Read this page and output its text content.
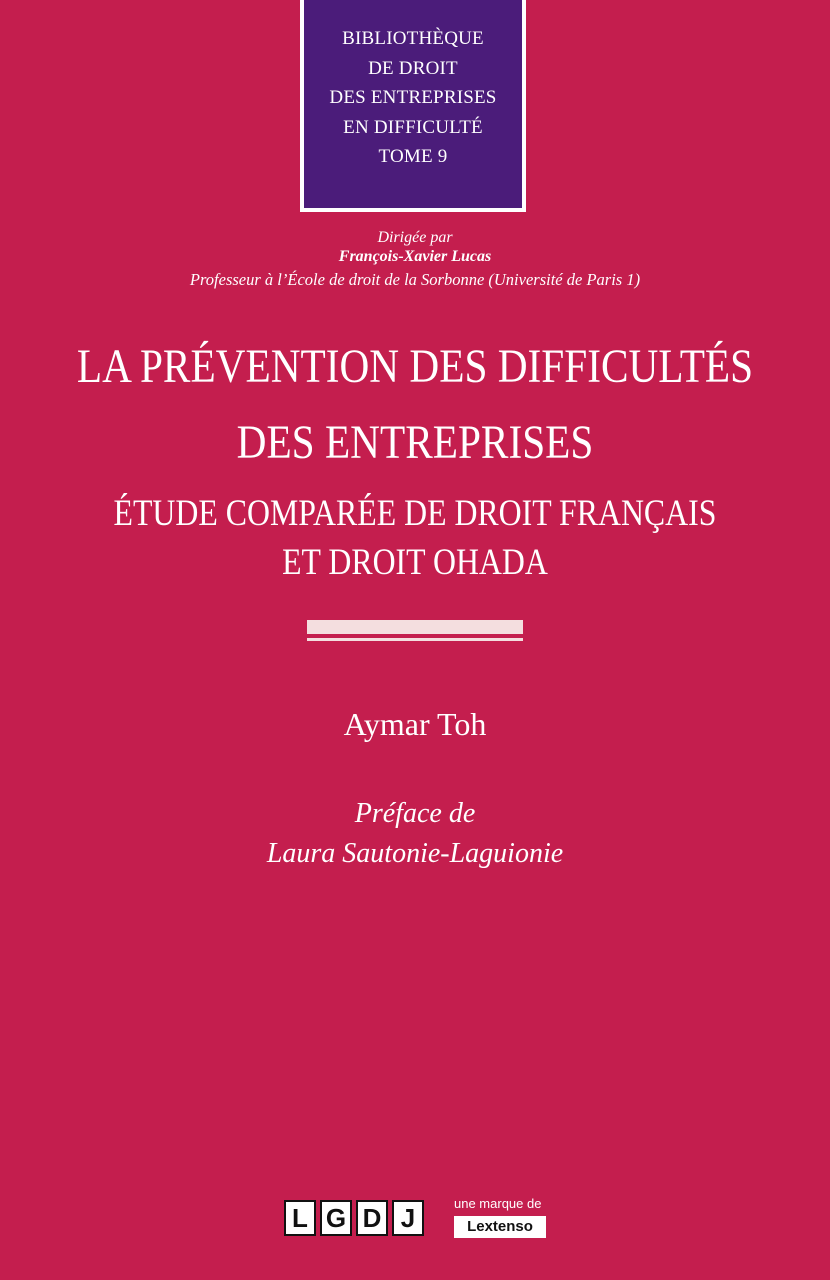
BIBLIOTHÈQUE
DE DROIT
DES ENTREPRISES
EN DIFFICULTÉ
TOME 9
Dirigée par
François-Xavier Lucas
Professeur à l’École de droit de la Sorbonne (Université de Paris 1)
LA PRÉVENTION DES DIFFICULTÉS
DES ENTREPRISES
ÉTUDE COMPARÉE DE DROIT FRANÇAIS
ET DROIT OHADA
Aymar Toh
Préface de
Laura Sautonie-Laguionie
L G D J	une marque de
Lextenso
